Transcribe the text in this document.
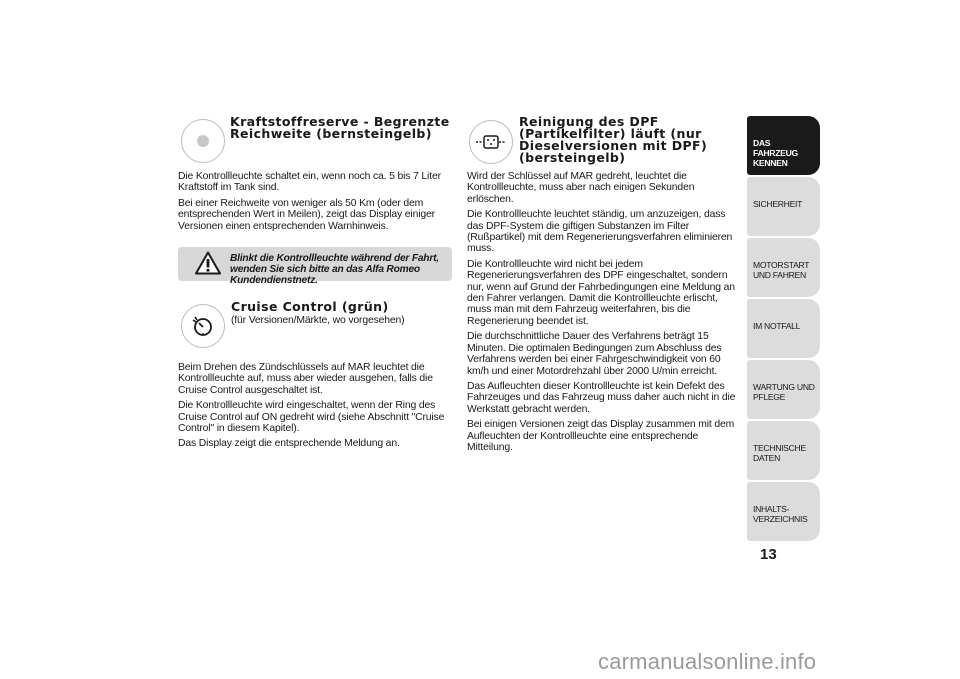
Kraftstoffreserve - Begrenzte
Reichweite (bernsteingelb)

Die Kontrollleuchte schaltet ein, wenn noch ca. 5 bis 7 Liter Kraftstoff im Tank sind.

Bei einer Reichweite von weniger als 50 Km (oder dem entsprechenden Wert in Meilen), zeigt das Display einiger Versionen einen entsprechenden Warnhinweis.

Blinkt die Kontrollleuchte während der Fahrt, wenden Sie sich bitte an das Alfa Romeo Kundendienstnetz.
Cruise Control (grün)
(für Versionen/Märkte, wo vorgesehen)

Beim Drehen des Zündschlüssels auf MAR leuchtet die Kontrollleuchte auf, muss aber wieder ausgehen, falls die Cruise Control ausgeschaltet ist.

Die Kontrollleuchte wird eingeschaltet, wenn der Ring des Cruise Control auf ON gedreht wird (siehe Abschnitt "Cruise Control" in diesem Kapitel).

Das Display zeigt die entsprechende Meldung an.

Reinigung des DPF
(Partikelfilter) läuft (nur
Dieselversionen mit DPF)
(bersteingelb)

Wird der Schlüssel auf MAR gedreht, leuchtet die Kontrollleuchte, muss aber nach einigen Sekunden erlöschen.

Die Kontrollleuchte leuchtet ständig, um anzuzeigen, dass das DPF-System die giftigen Substanzen im Filter (Rußpartikel) mit dem Regenerierungsverfahren eliminieren muss.

Die Kontrollleuchte wird nicht bei jedem Regenerierungsverfahren des DPF eingeschaltet, sondern nur, wenn auf Grund der Fahrbedingungen eine Meldung an den Fahrer verlangen. Damit die Kontrollleuchte erlischt, muss man mit dem Fahrzeug weiterfahren, bis die Regenerierung beendet ist.

Die durchschnittliche Dauer des Verfahrens beträgt 15 Minuten. Die optimalen Bedingungen zum Abschluss des Verfahrens werden bei einer Fahrgeschwindigkeit von 60 km/h und einer Motordrehzahl über 2000 U/min erreicht.

Das Aufleuchten dieser Kontrollleuchte ist kein Defekt des Fahrzeuges und das Fahrzeug muss daher auch nicht in die Werkstatt gebracht werden.

Bei einigen Versionen zeigt das Display zusammen mit dem Aufleuchten der Kontrollleuchte eine entsprechende Mitteilung.

DAS FAHRZEUG KENNEN
SICHERHEIT
MOTORSTART UND FAHREN
IM NOTFALL
WARTUNG UND PFLEGE
TECHNISCHE DATEN
INHALTS-VERZEICHNIS
13
carmanualsonline.info
